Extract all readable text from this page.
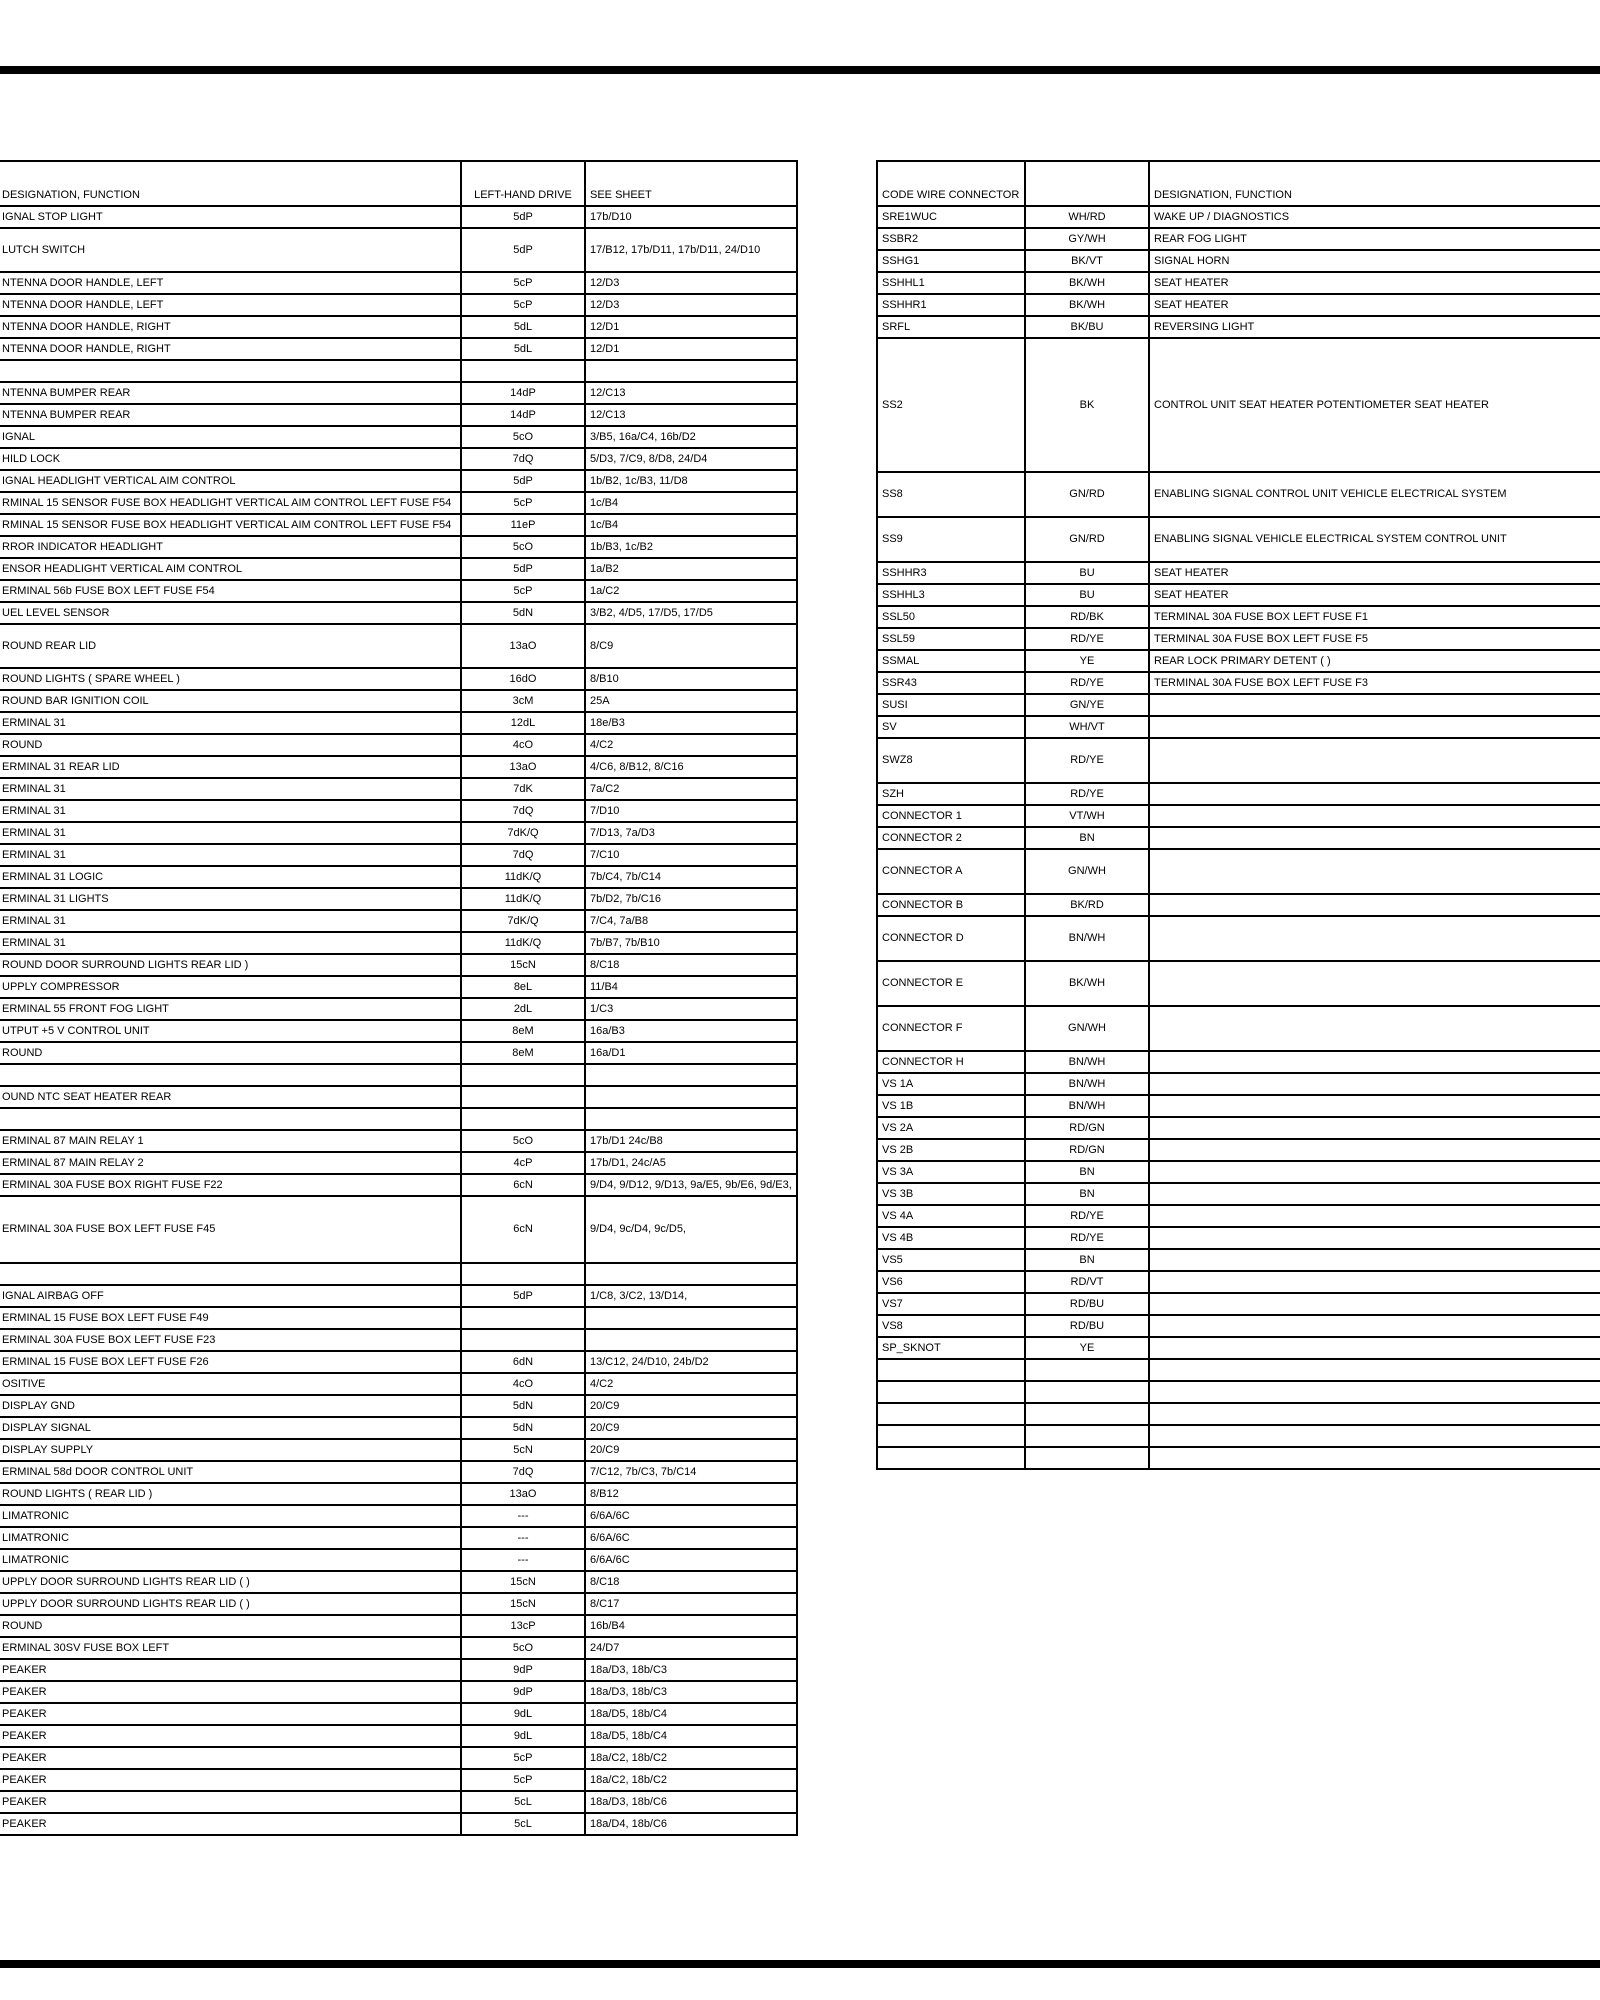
DESIGNATION, FUNCTION	LEFT-HAND DRIVE	SEE SHEET
IGNAL STOP LIGHT	5dP	17b/D10
LUTCH SWITCH	5dP	17/B12, 17b/D11, 17b/D11, 24/D10
NTENNA DOOR HANDLE, LEFT	5cP	12/D3
NTENNA DOOR HANDLE, LEFT	5cP	12/D3
NTENNA DOOR HANDLE, RIGHT	5dL	12/D1
NTENNA DOOR HANDLE, RIGHT	5dL	12/D1

NTENNA BUMPER REAR	14dP	12/C13
NTENNA BUMPER REAR	14dP	12/C13
IGNAL	5cO	3/B5, 16a/C4, 16b/D2
HILD LOCK	7dQ	5/D3, 7/C9, 8/D8, 24/D4
IGNAL HEADLIGHT VERTICAL AIM CONTROL	5dP	1b/B2, 1c/B3, 11/D8
RMINAL 15 SENSOR FUSE BOX HEADLIGHT VERTICAL AIM CONTROL LEFT FUSE F54	5cP	1c/B4
RMINAL 15 SENSOR FUSE BOX HEADLIGHT VERTICAL AIM CONTROL LEFT FUSE F54	11eP	1c/B4
RROR INDICATOR HEADLIGHT	5cO	1b/B3, 1c/B2
ENSOR HEADLIGHT VERTICAL AIM CONTROL	5dP	1a/B2
ERMINAL 56b FUSE BOX LEFT FUSE F54	5cP	1a/C2
UEL LEVEL SENSOR	5dN	3/B2, 4/D5, 17/D5, 17/D5
ROUND REAR LID	13aO	8/C9
ROUND LIGHTS ( SPARE WHEEL )	16dO	8/B10
ROUND BAR IGNITION COIL	3cM	25A
ERMINAL 31	12dL	18e/B3
ROUND	4cO	4/C2
ERMINAL 31 REAR LID	13aO	4/C6, 8/B12, 8/C16
ERMINAL 31	7dK	7a/C2
ERMINAL 31	7dQ	7/D10
ERMINAL 31	7dK/Q	7/D13, 7a/D3
ERMINAL 31	7dQ	7/C10
ERMINAL 31 LOGIC	11dK/Q	7b/C4, 7b/C14
ERMINAL 31 LIGHTS	11dK/Q	7b/D2, 7b/C16
ERMINAL 31	7dK/Q	7/C4, 7a/B8
ERMINAL 31	11dK/Q	7b/B7, 7b/B10
ROUND DOOR SURROUND LIGHTS REAR LID )	15cN	8/C18
UPPLY COMPRESSOR	8eL	11/B4
ERMINAL 55 FRONT FOG LIGHT	2dL	1/C3
UTPUT +5 V CONTROL UNIT	8eM	16a/B3
ROUND	8eM	16a/D1

OUND NTC SEAT HEATER REAR		

ERMINAL 87 MAIN RELAY 1	5cO	17b/D1 24c/B8
ERMINAL 87 MAIN RELAY 2	4cP	17b/D1, 24c/A5
ERMINAL 30A FUSE BOX RIGHT FUSE F22	6cN	9/D4, 9/D12, 9/D13, 9a/E5, 9b/E6, 9d/E3,
ERMINAL 30A FUSE BOX LEFT FUSE F45	6cN	9/D4, 9c/D4, 9c/D5,

IGNAL AIRBAG OFF	5dP	1/C8, 3/C2, 13/D14,
ERMINAL 15 FUSE BOX LEFT FUSE F49		
ERMINAL 30A FUSE BOX LEFT FUSE F23		
ERMINAL 15 FUSE BOX LEFT FUSE F26	6dN	13/C12, 24/D10, 24b/D2
OSITIVE	4cO	4/C2
DISPLAY GND	5dN	20/C9
DISPLAY SIGNAL	5dN	20/C9
DISPLAY SUPPLY	5cN	20/C9
ERMINAL 58d DOOR CONTROL UNIT	7dQ	7/C12, 7b/C3, 7b/C14
ROUND LIGHTS ( REAR LID )	13aO	8/B12
LIMATRONIC	---	6/6A/6C
LIMATRONIC	---	6/6A/6C
LIMATRONIC	---	6/6A/6C
UPPLY DOOR SURROUND LIGHTS REAR LID ( )	15cN	8/C18
UPPLY DOOR SURROUND LIGHTS REAR LID ( )	15cN	8/C17
ROUND	13cP	16b/B4
ERMINAL 30SV FUSE BOX LEFT	5cO	24/D7
PEAKER	9dP	18a/D3, 18b/C3
PEAKER	9dP	18a/D3, 18b/C3
PEAKER	9dL	18a/D5, 18b/C4
PEAKER	9dL	18a/D5, 18b/C4
PEAKER	5cP	18a/C2, 18b/C2
PEAKER	5cP	18a/C2, 18b/C2
PEAKER	5cL	18a/D3, 18b/C6
PEAKER	5cL	18a/D4, 18b/C6
CODE WIRE CONNECTOR		DESIGNATION, FUNCTION
SRE1WUC	WH/RD	WAKE UP / DIAGNOSTICS
SSBR2	GY/WH	REAR FOG LIGHT
SSHG1	BK/VT	SIGNAL HORN
SSHHL1	BK/WH	SEAT HEATER
SSHHR1	BK/WH	SEAT HEATER
SRFL	BK/BU	REVERSING LIGHT
SS2	BK	CONTROL UNIT SEAT HEATER POTENTIOMETER SEAT HEATER
SS8	GN/RD	ENABLING SIGNAL CONTROL UNIT VEHICLE ELECTRICAL SYSTEM
SS9	GN/RD	ENABLING SIGNAL VEHICLE ELECTRICAL SYSTEM CONTROL UNIT
SSHHR3	BU	SEAT HEATER
SSHHL3	BU	SEAT HEATER
SSL50	RD/BK	TERMINAL 30A FUSE BOX LEFT FUSE F1
SSL59	RD/YE	TERMINAL 30A FUSE BOX LEFT FUSE F5
SSMAL	YE	REAR LOCK PRIMARY DETENT ( )
SSR43	RD/YE	TERMINAL 30A FUSE BOX LEFT FUSE F3
SUSI	GN/YE	
SV	WH/VT	
SWZ8	RD/YE	
SZH	RD/YE	
CONNECTOR 1	VT/WH	
CONNECTOR 2	BN	
CONNECTOR A	GN/WH	
CONNECTOR B	BK/RD	
CONNECTOR D	BN/WH	
CONNECTOR E	BK/WH	
CONNECTOR F	GN/WH	
CONNECTOR H	BN/WH	
VS 1A	BN/WH	
VS 1B	BN/WH	
VS 2A	RD/GN	
VS 2B	RD/GN	
VS 3A	BN	
VS 3B	BN	
VS 4A	RD/YE	
VS 4B	RD/YE	
VS5	BN	
VS6	RD/VT	
VS7	RD/BU	
VS8	RD/BU	
SP_SKNOT	YE	
